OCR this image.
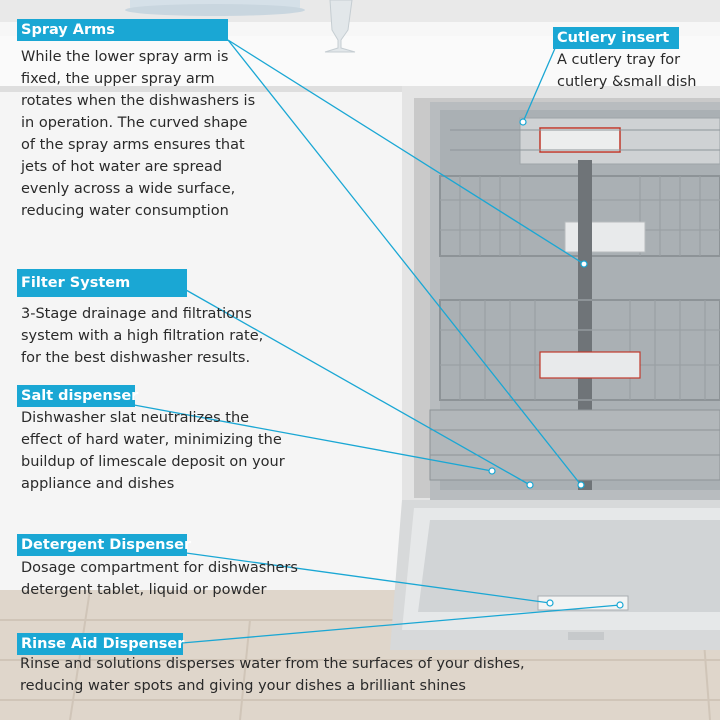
Spray Arms

While the lower spray arm is
fixed, the upper spray arm
rotates when the dishwashers is
in operation. The curved shape
of the spray arms ensures that
jets of hot water are spread
evenly across a wide surface,
reducing water consumption

Cutlery insert

A cutlery tray for
cutlery &small dish

Filter System

3-Stage drainage and filtrations
system with a high filtration rate,
for the best dishwasher results.

Salt dispenser

Dishwasher slat neutralizes the
effect of hard water, minimizing the
buildup of limescale deposit on your
appliance and dishes

Detergent Dispenser

Dosage compartment for dishwashers
detergent tablet, liquid or powder

Rinse Aid Dispenser

Rinse and solutions disperses water from the surfaces of your dishes,
reducing water spots and giving your dishes a brilliant shines
